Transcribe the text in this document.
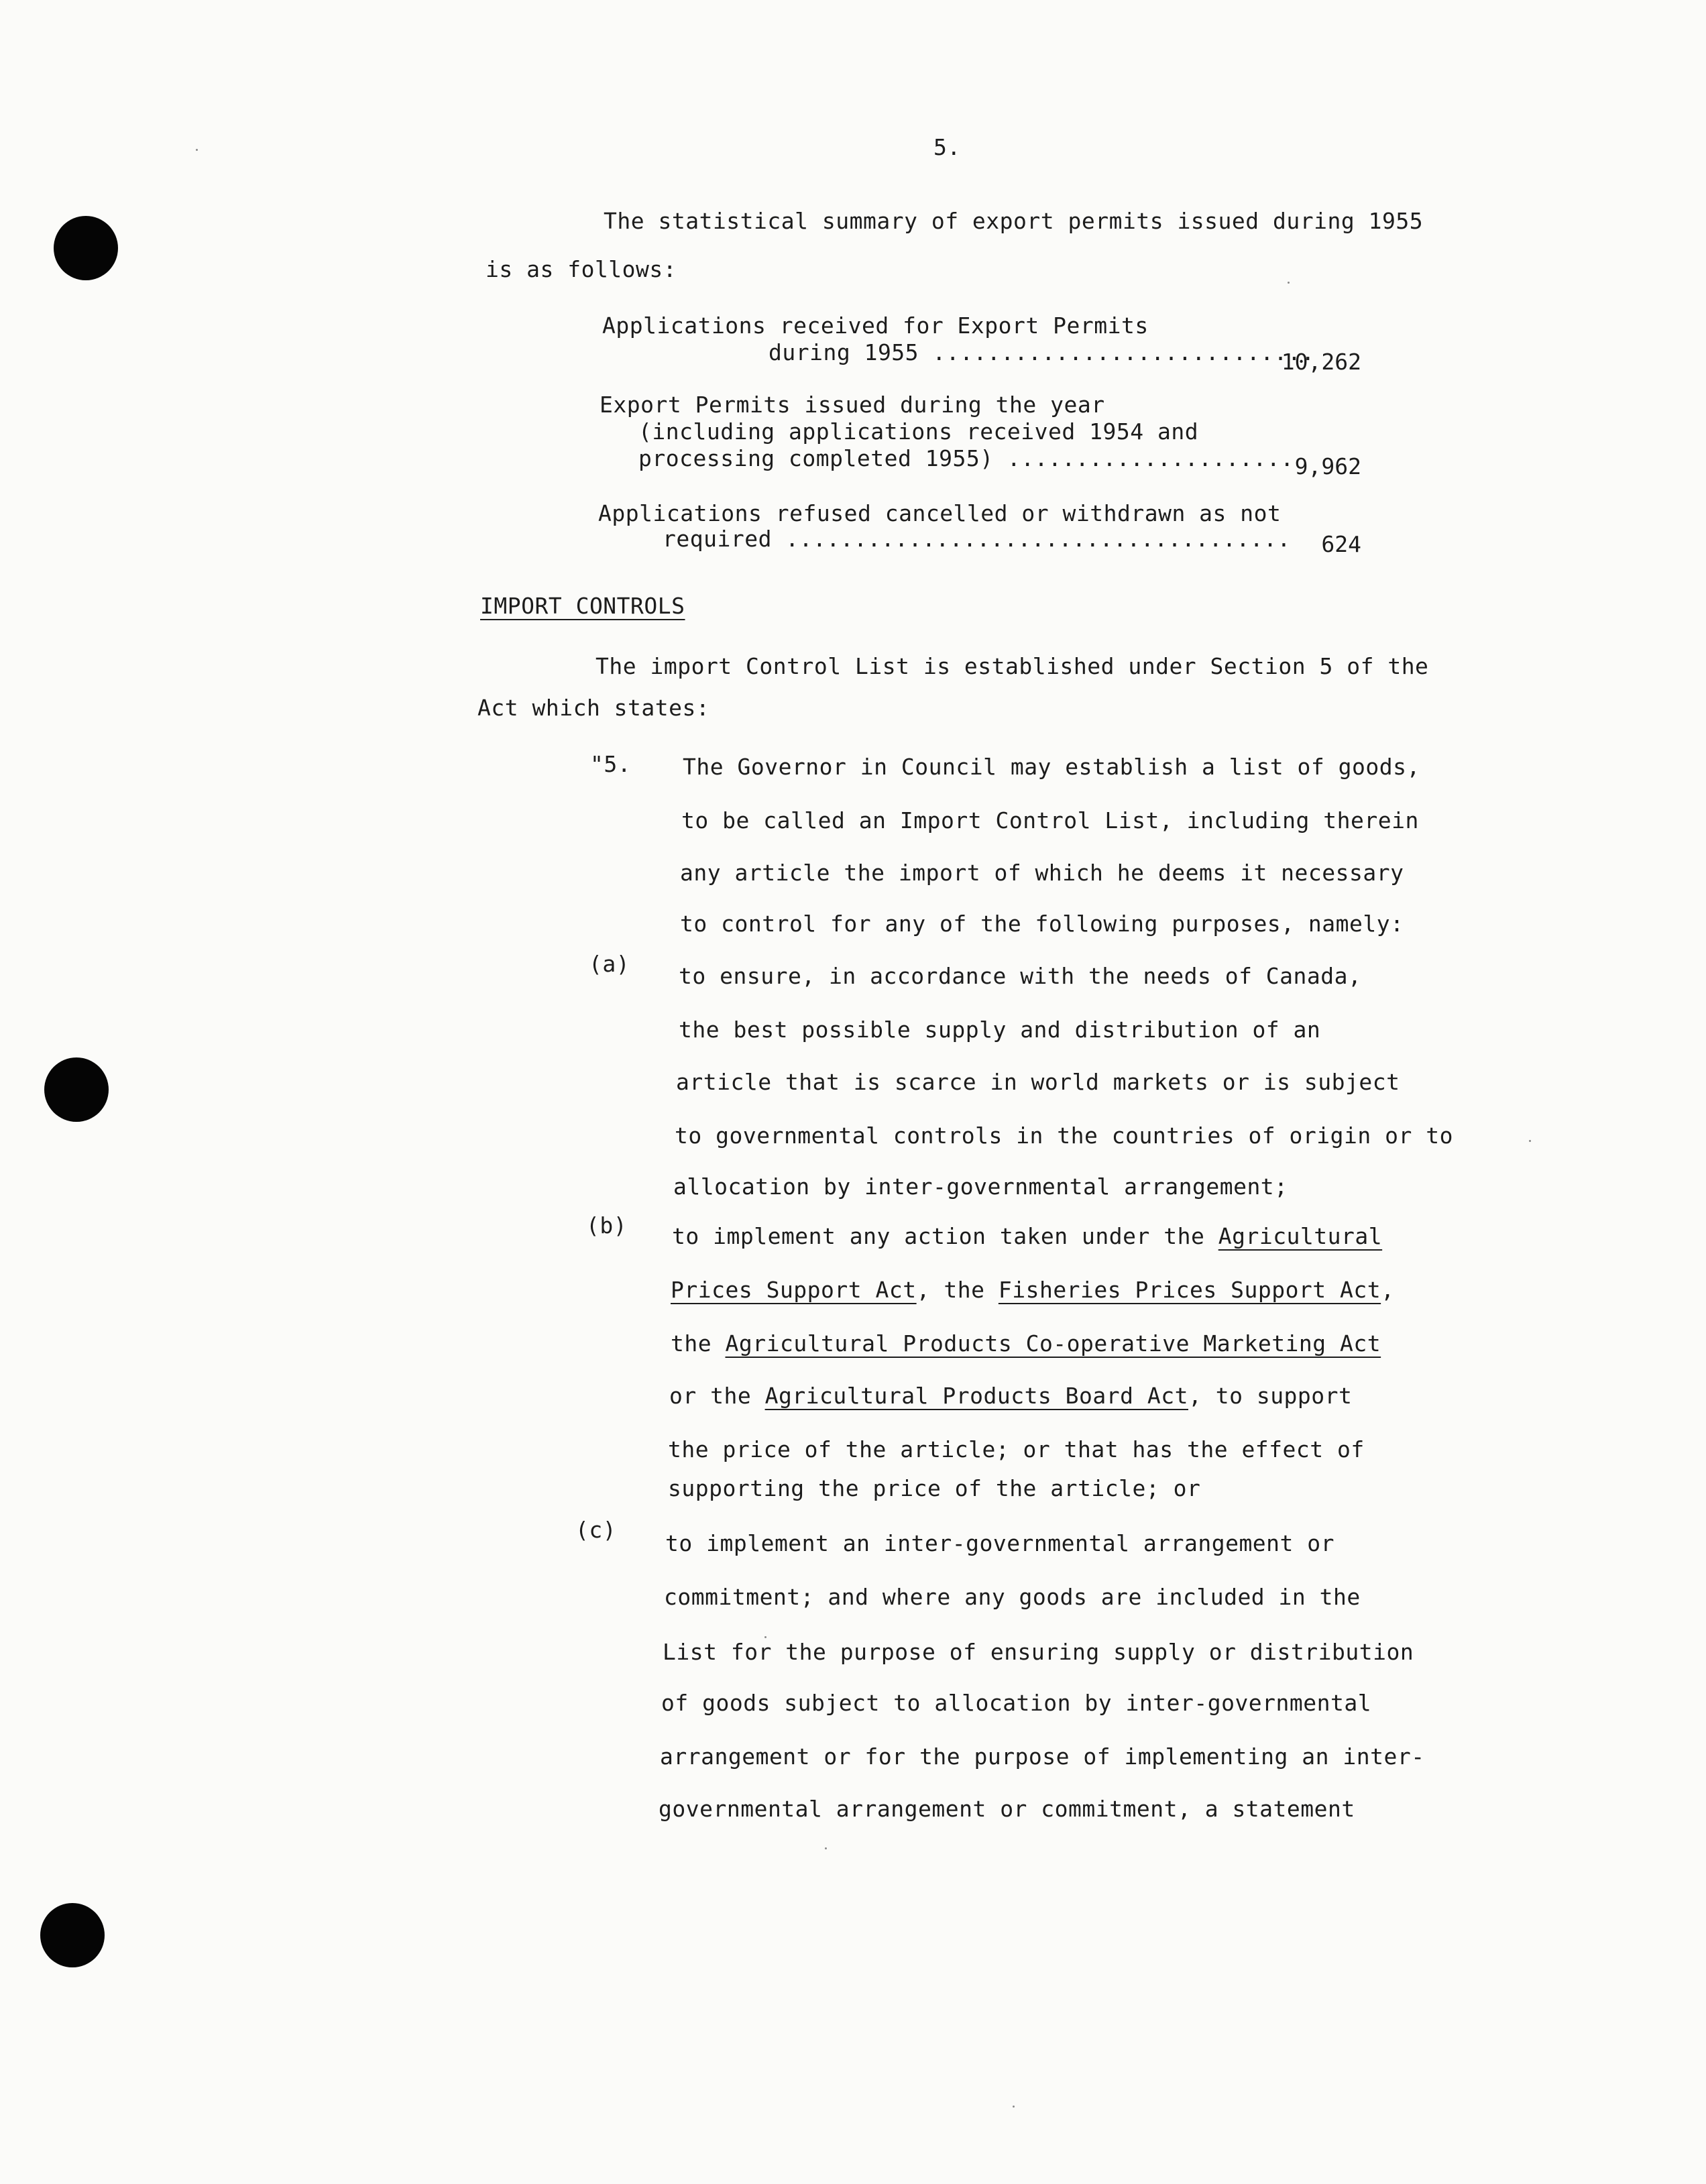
5.
The statistical summary of export permits issued during 1955
is as follows:
Applications received for Export Permits
during 1955 ............................
10,262
Export Permits issued during the year
(including applications received 1954 and
processing completed 1955) ..................... 9,962
Applications refused cancelled or withdrawn as not
required .....................................	624
IMPORT CONTROLS
The import Control List is established under Section 5 of the
Act which states:
"5. The Governor in Council may establish a list of goods,
to be called an Import Control List, including therein
any article the import of which he deems it necessary
to control for any of the following purposes, namely:
(a) to ensure, in accordance with the needs of Canada,
the best possible supply and distribution of an
article that is scarce in world markets or is subject
to governmental controls in the countries of origin or to
allocation by inter-governmental arrangement;
(b) to implement any action taken under the Agricultural
Prices Support Act, the Fisheries Prices Support Act,
the Agricultural Products Co-operative Marketing Act
or the Agricultural Products Board Act, to support
the price of the article; or that has the effect of
supporting the price of the article; or
(c)
to implement an inter-governmental arrangement or
commitment; and where any goods are included in the
List for the purpose of ensuring supply or distribution
of goods subject to allocation by inter-governmental
arrangement or for the purpose of implementing an inter-
governmental arrangement or commitment, a statement
